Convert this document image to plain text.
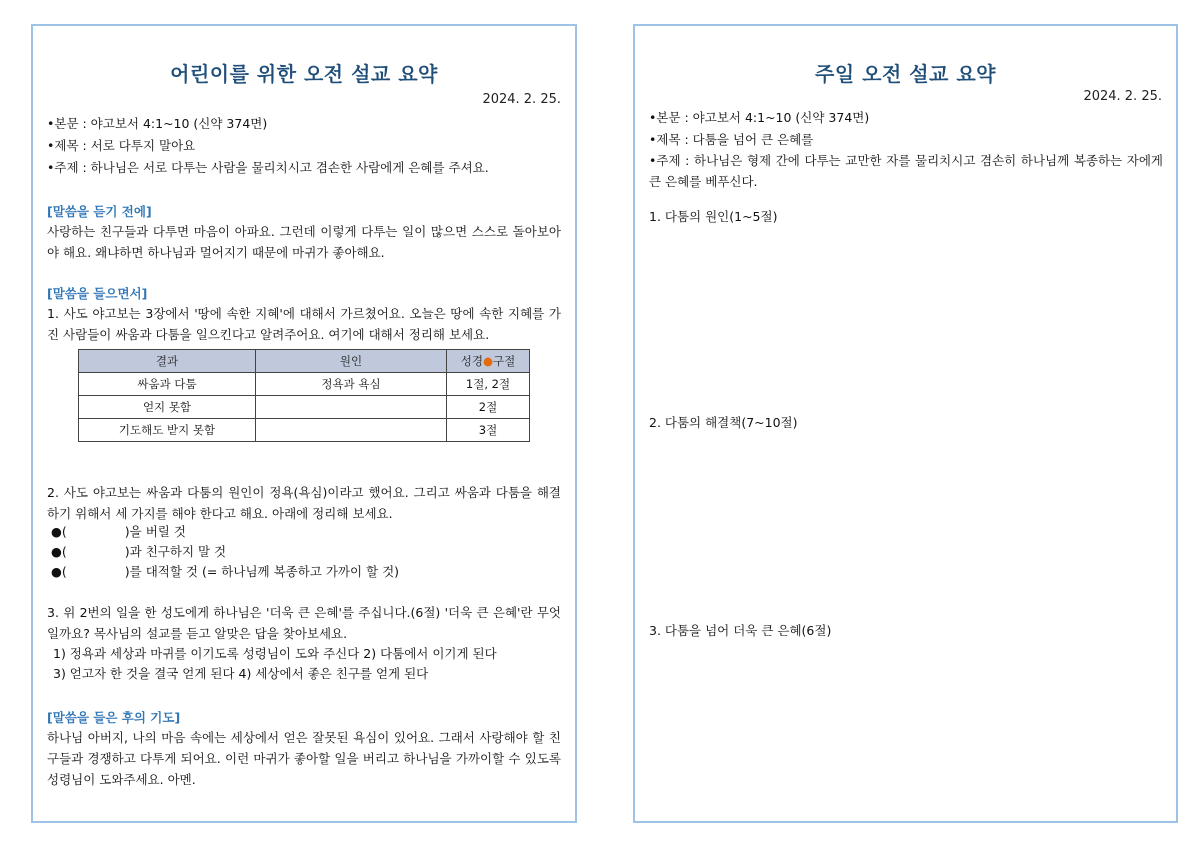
어린이를 위한 오전 설교 요약
2024. 2. 25.
•본문 : 야고보서 4:1~10 (신약 374면)
•제목 : 서로 다투지 말아요
•주제 : 하나님은 서로 다투는 사람을 물리치시고 겸손한 사람에게 은혜를 주셔요.
[말씀을 듣기 전에]
사랑하는 친구들과 다투면 마음이 아파요. 그런데 이렇게 다투는 일이 많으면 스스로 돌아보아야 해요. 왜냐하면 하나님과 멀어지기 때문에 마귀가 좋아해요.
[말씀을 들으면서]
1. 사도 야고보는 3장에서 '땅에 속한 지혜'에 대해서 가르쳤어요. 오늘은 땅에 속한 지혜를 가진 사람들이 싸움과 다툼을 일으킨다고 알려주어요. 여기에 대해서 정리해 보세요.
결과	원인	성경●구절
싸움과 다툼	정욕과 욕심	1절, 2절
얻지 못함		2절
기도해도 받지 못함		3절
2. 사도 야고보는 싸움과 다툼의 원인이 정욕(욕심)이라고 했어요. 그리고 싸움과 다툼을 해결하기 위해서 세 가지를 해야 한다고 해요. 아래에 정리해 보세요.
●(	)을 버릴 것
●(	)과 친구하지 말 것
●(	)를 대적할 것 (= 하나님께 복종하고 가까이 할 것)
3. 위 2번의 일을 한 성도에게 하나님은 '더욱 큰 은혜'를 주십니다.(6절) '더욱 큰 은혜'란 무엇일까요? 목사님의 설교를 듣고 알맞은 답을 찾아보세요.
1) 정욕과 세상과 마귀를 이기도록 성령님이 도와 주신다 2) 다툼에서 이기게 된다
3) 얻고자 한 것을 결국 얻게 된다 4) 세상에서 좋은 친구를 얻게 된다
[말씀을 들은 후의 기도]
하나님 아버지, 나의 마음 속에는 세상에서 얻은 잘못된 욕심이 있어요. 그래서 사랑해야 할 친구들과 경쟁하고 다투게 되어요. 이런 마귀가 좋아할 일을 버리고 하나님을 가까이할 수 있도록 성령님이 도와주세요. 아멘.
주일 오전 설교 요약
2024. 2. 25.
•본문 : 야고보서 4:1~10 (신약 374면)
•제목 : 다툼을 넘어 큰 은혜를
•주제 : 하나님은 형제 간에 다투는 교만한 자를 물리치시고 겸손히 하나님께 복종하는 자에게 큰 은혜를 베푸신다.
1. 다툼의 원인(1~5절)
2. 다툼의 해결책(7~10절)
3. 다툼을 넘어 더욱 큰 은혜(6절)
